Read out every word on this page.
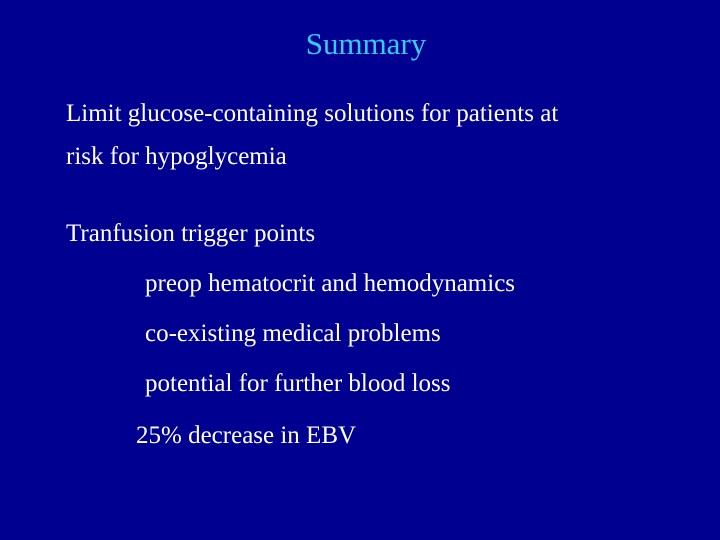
Summary
Limit glucose-containing solutions for patients at
risk for hypoglycemia
Tranfusion trigger points
preop hematocrit and hemodynamics
co-existing medical problems
potential for further blood loss
25% decrease in EBV
